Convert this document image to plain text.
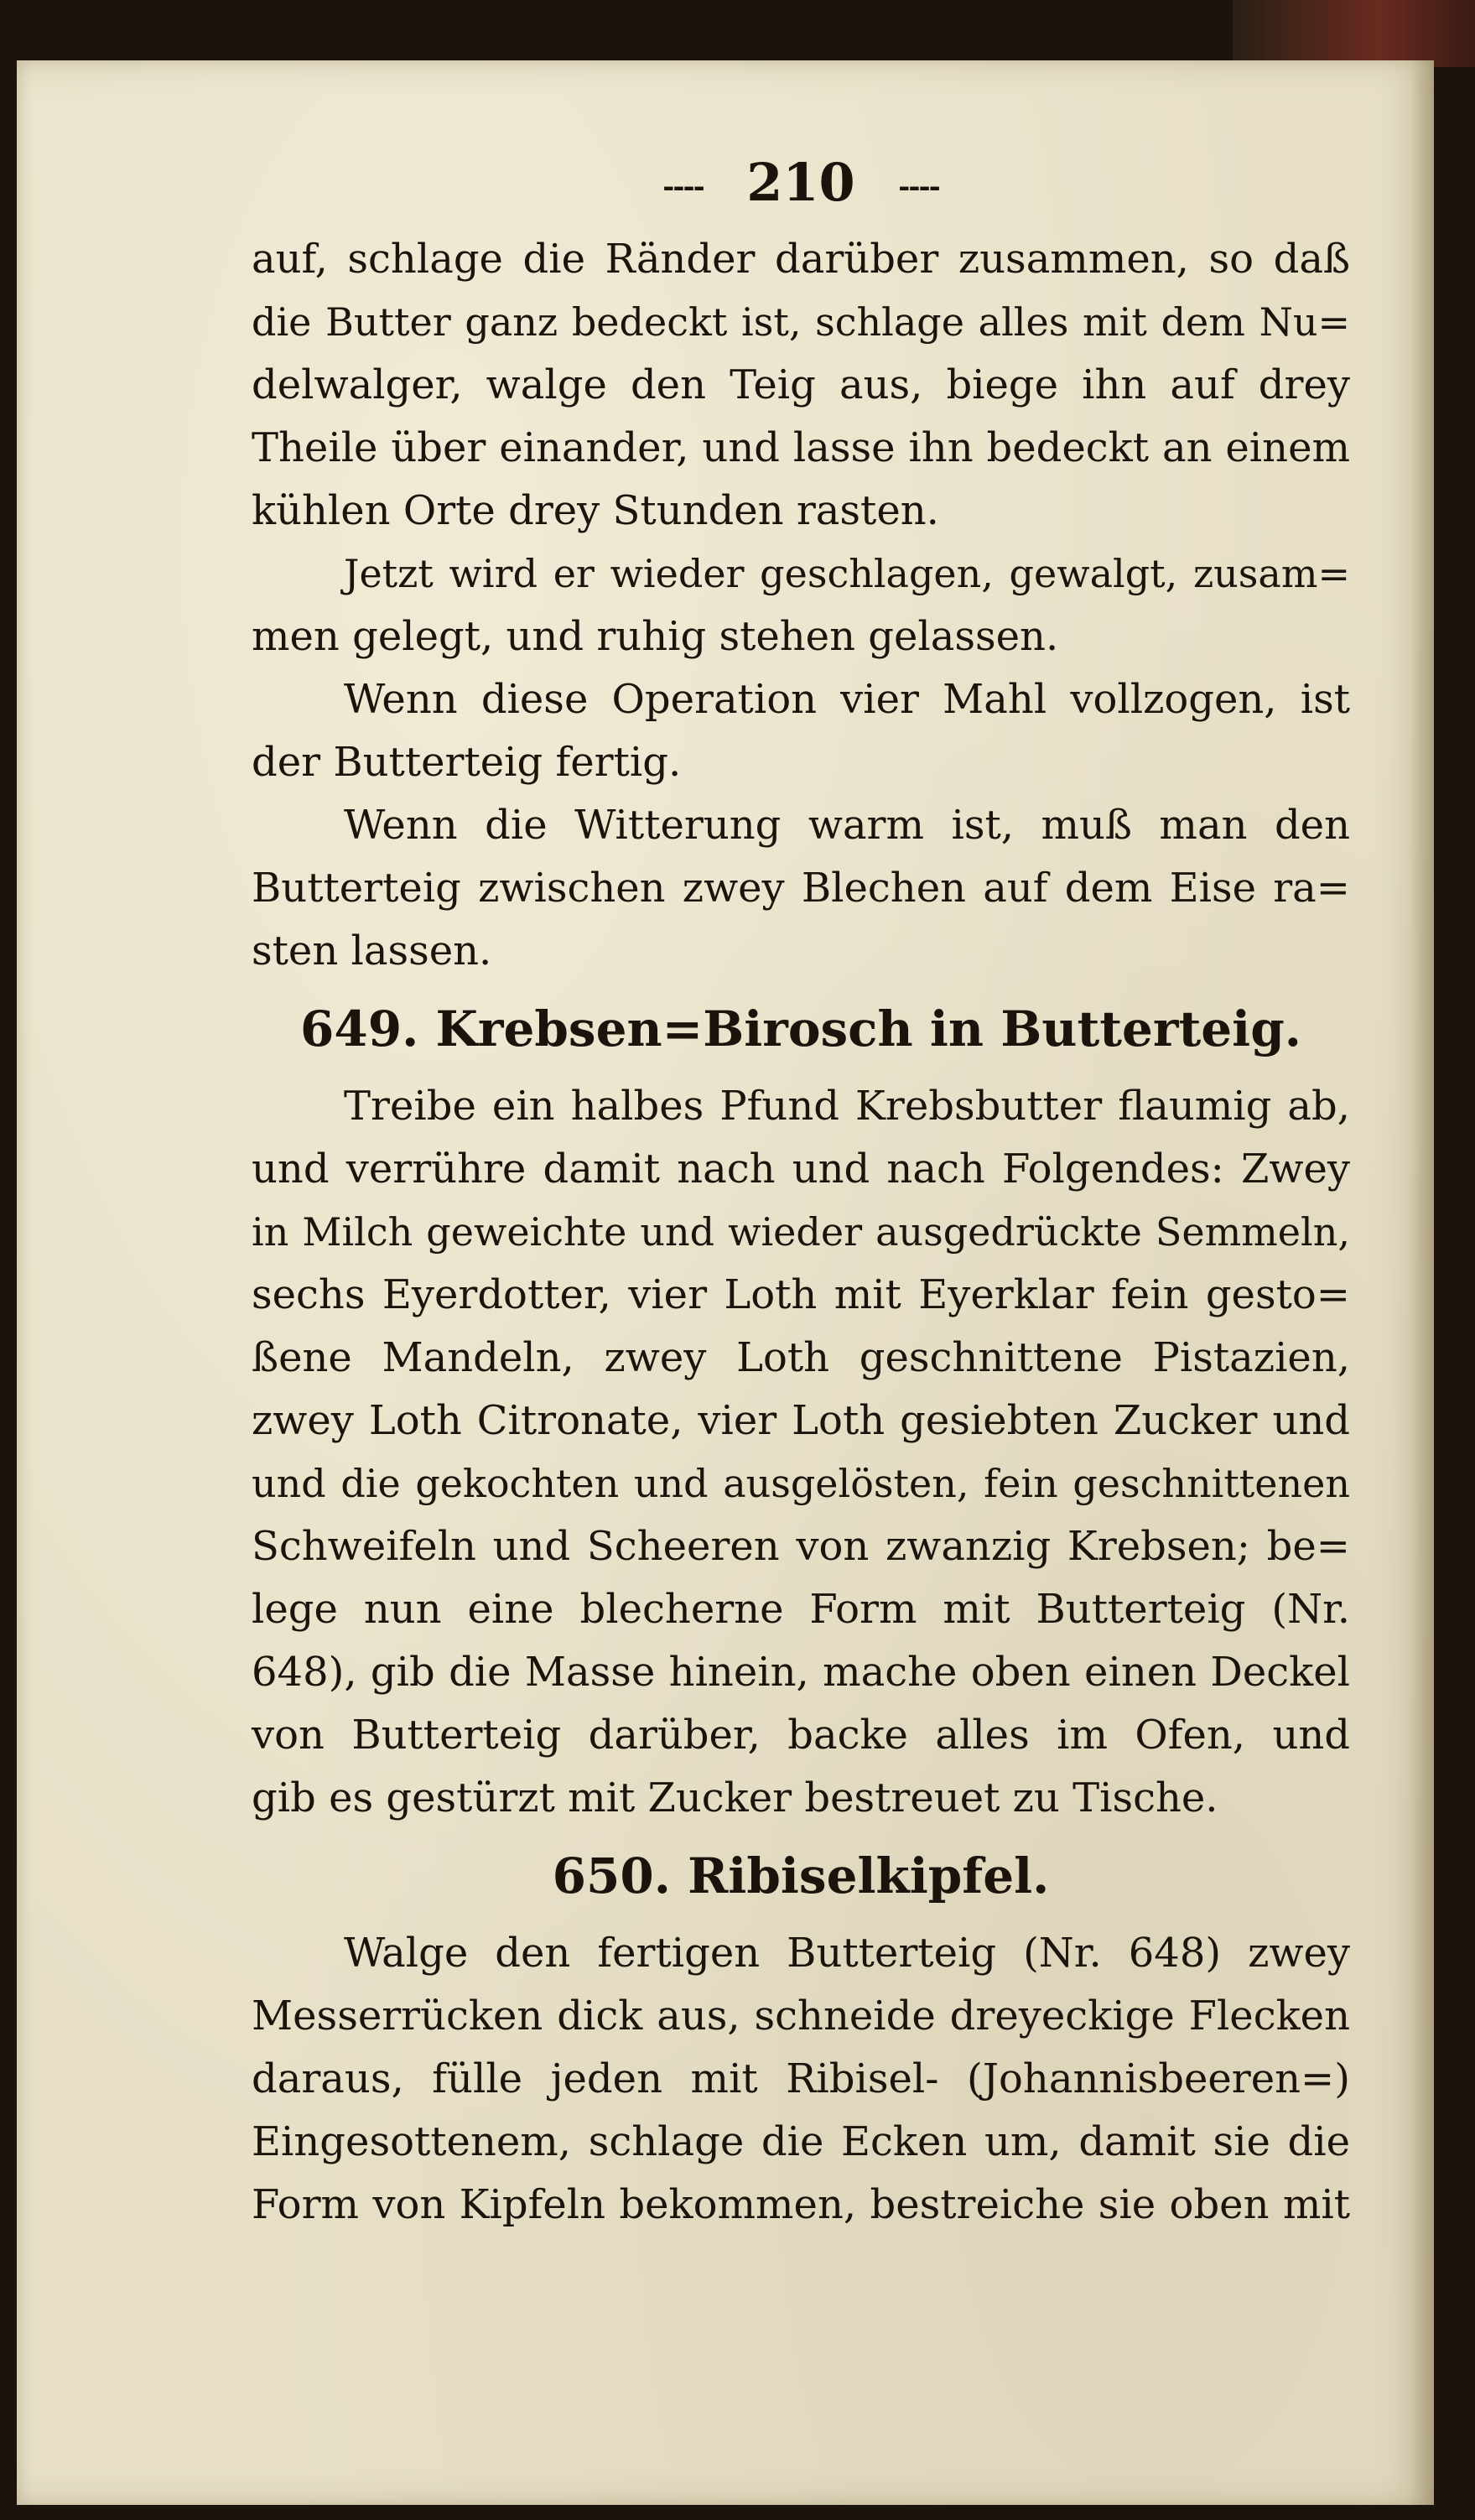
---- 210 ----
auf, schlage die Ränder darüber zusammen, so daß
die Butter ganz bedeckt ist, schlage alles mit dem Nu=
delwalger, walge den Teig aus, biege ihn auf drey
Theile über einander, und lasse ihn bedeckt an einem
kühlen Orte drey Stunden rasten.
Jetzt wird er wieder geschlagen, gewalgt, zusam=
men gelegt, und ruhig stehen gelassen.
Wenn diese Operation vier Mahl vollzogen, ist
der Butterteig fertig.
Wenn die Witterung warm ist, muß man den
Butterteig zwischen zwey Blechen auf dem Eise ra=
sten lassen.
649. Krebsen=Birosch in Butterteig.
Treibe ein halbes Pfund Krebsbutter flaumig ab,
und verrühre damit nach und nach Folgendes: Zwey
in Milch geweichte und wieder ausgedrückte Semmeln,
sechs Eyerdotter, vier Loth mit Eyerklar fein gesto=
ßene Mandeln, zwey Loth geschnittene Pistazien,
zwey Loth Citronate, vier Loth gesiebten Zucker und
und die gekochten und ausgelösten, fein geschnittenen
Schweifeln und Scheeren von zwanzig Krebsen; be=
lege nun eine blecherne Form mit Butterteig (Nr.
648), gib die Masse hinein, mache oben einen Deckel
von Butterteig darüber, backe alles im Ofen, und
gib es gestürzt mit Zucker bestreuet zu Tische.
650. Ribiselkipfel.
Walge den fertigen Butterteig (Nr. 648) zwey
Messerrücken dick aus, schneide dreyeckige Flecken
daraus, fülle jeden mit Ribisel- (Johannisbeeren=)
Eingesottenem, schlage die Ecken um, damit sie die
Form von Kipfeln bekommen, bestreiche sie oben mit
